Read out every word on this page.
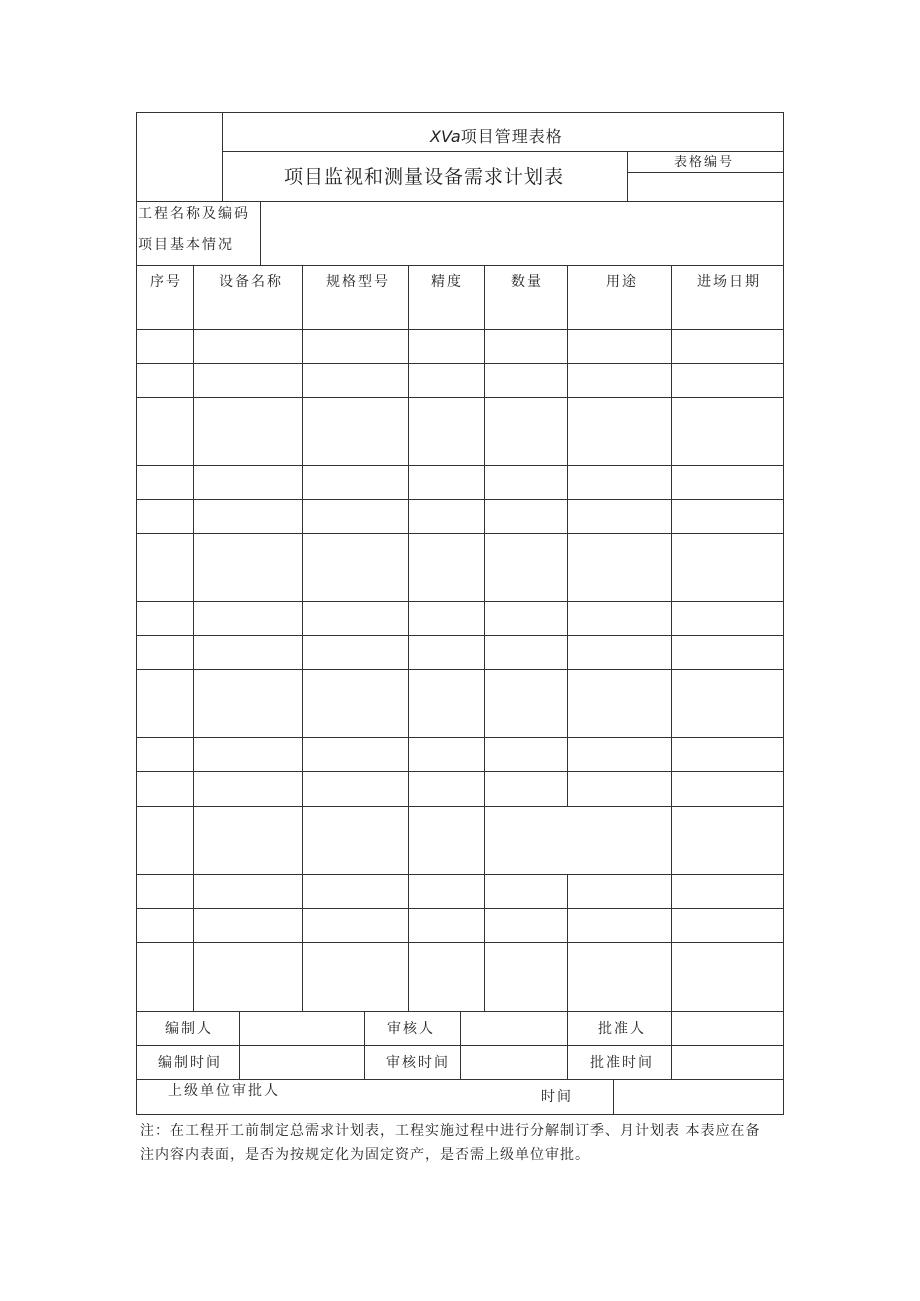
XVa项目管理表格
项目监视和测量设备需求计划表
表格编号
工程名称及编码
项目基本情况
序号	设备名称	规格型号	精度	数量	用途	进场日期
编制人	审核人	批准人
编制时间	审核时间	批准时间
上级单位审批人	时间
注：在工程开工前制定总需求计划表，工程实施过程中进行分解制订季、月计划表 本表应在备
注内容内表面，是否为按规定化为固定资产，是否需上级单位审批。
